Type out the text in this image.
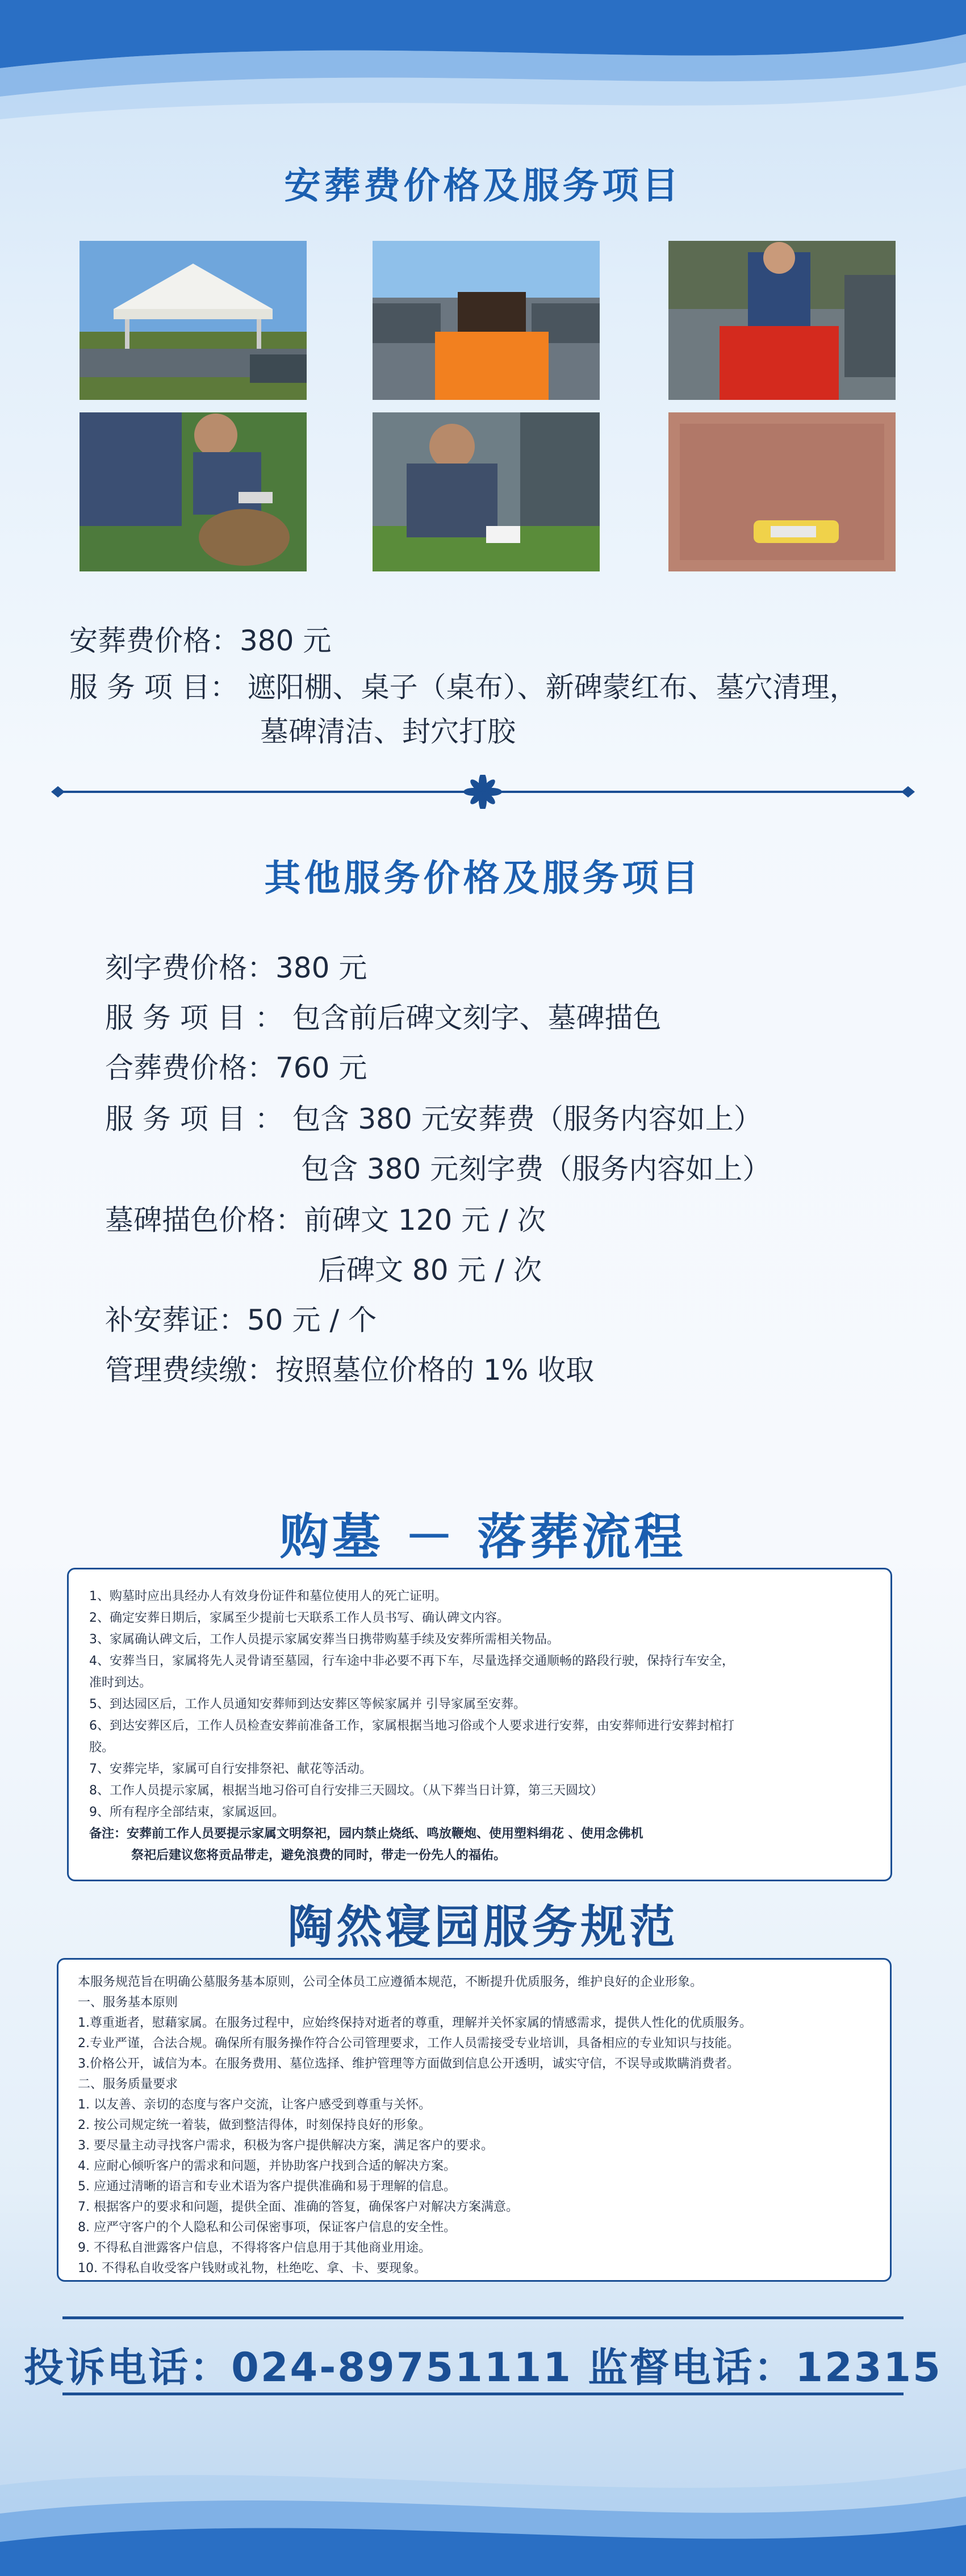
安葬费价格及服务项目
安葬费价格：380 元
服 务 项 目： 遮阳棚、桌子（桌布）、新碑蒙红布、墓穴清理，
墓碑清洁、封穴打胶
其他服务价格及服务项目
刻字费价格：380 元
服 务 项 目 ： 包含前后碑文刻字、墓碑描色
合葬费价格：760 元
服 务 项 目 ： 包含 380 元安葬费（服务内容如上）
包含 380 元刻字费（服务内容如上）
墓碑描色价格：前碑文 120 元 / 次
后碑文 80 元 / 次
补安葬证：50 元 / 个
管理费续缴：按照墓位价格的 1% 收取
购墓 － 落葬流程
1、购墓时应出具经办人有效身份证件和墓位使用人的死亡证明。
2、确定安葬日期后，家属至少提前七天联系工作人员书写、确认碑文内容。
3、家属确认碑文后，工作人员提示家属安葬当日携带购墓手续及安葬所需相关物品。
4、安葬当日，家属将先人灵骨请至墓园，行车途中非必要不再下车，尽量选择交通顺畅的路段行驶，保持行车安全，
准时到达。
5、到达园区后，工作人员通知安葬师到达安葬区等候家属并 引导家属至安葬。
6、到达安葬区后，工作人员检查安葬前准备工作，家属根据当地习俗或个人要求进行安葬，由安葬师进行安葬封棺打
胶。
7、安葬完毕，家属可自行安排祭祀、献花等活动。
8、工作人员提示家属，根据当地习俗可自行安排三天圆坟。（从下葬当日计算，第三天圆坟）
9、所有程序全部结束，家属返回。
备注：安葬前工作人员要提示家属文明祭祀，园内禁止烧纸、鸣放鞭炮、使用塑料绢花 、使用念佛机
祭祀后建议您将贡品带走，避免浪费的同时，带走一份先人的福佑。
陶然寝园服务规范
本服务规范旨在明确公墓服务基本原则，公司全体员工应遵循本规范，不断提升优质服务，维护良好的企业形象。
一、服务基本原则
1.尊重逝者，慰藉家属。在服务过程中，应始终保持对逝者的尊重，理解并关怀家属的情感需求，提供人性化的优质服务。
2.专业严谨，合法合规。确保所有服务操作符合公司管理要求，工作人员需接受专业培训，具备相应的专业知识与技能。
3.价格公开，诚信为本。在服务费用、墓位选择、维护管理等方面做到信息公开透明，诚实守信，不误导或欺瞒消费者。
二、服务质量要求
1. 以友善、亲切的态度与客户交流，让客户感受到尊重与关怀。
2. 按公司规定统一着装，做到整洁得体，时刻保持良好的形象。
3. 要尽量主动寻找客户需求，积极为客户提供解决方案，满足客户的要求。
4. 应耐心倾听客户的需求和问题，并协助客户找到合适的解决方案。
5. 应通过清晰的语言和专业术语为客户提供准确和易于理解的信息。
7. 根据客户的要求和问题，提供全面、准确的答复，确保客户对解决方案满意。
8. 应严守客户的个人隐私和公司保密事项，保证客户信息的安全性。
9. 不得私自泄露客户信息，不得将客户信息用于其他商业用途。
10. 不得私自收受客户钱财或礼物，杜绝吃、拿、卡、要现象。
投诉电话：024-89751111 监督电话：12315
